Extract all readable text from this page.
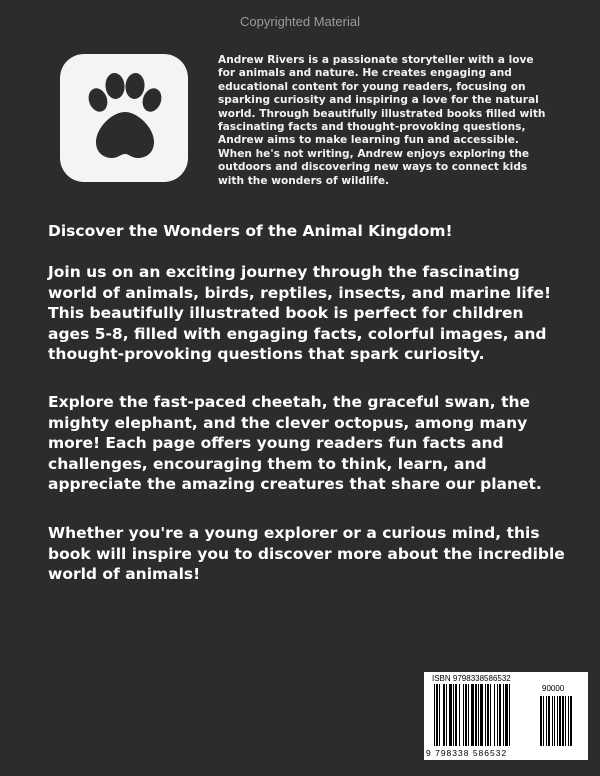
Copyrighted Material

Andrew Rivers is a passionate storyteller with a love for animals and nature. He creates engaging and educational content for young readers, focusing on sparking curiosity and inspiring a love for the natural world. Through beautifully illustrated books filled with fascinating facts and thought-provoking questions, Andrew aims to make learning fun and accessible. When he's not writing, Andrew enjoys exploring the outdoors and discovering new ways to connect kids with the wonders of wildlife.

Discover the Wonders of the Animal Kingdom!

Join us on an exciting journey through the fascinating world of animals, birds, reptiles, insects, and marine life! This beautifully illustrated book is perfect for children ages 5-8, filled with engaging facts, colorful images, and thought-provoking questions that spark curiosity.

Explore the fast-paced cheetah, the graceful swan, the mighty elephant, and the clever octopus, among many more! Each page offers young readers fun facts and challenges, encouraging them to think, learn, and appreciate the amazing creatures that share our planet.

Whether you're a young explorer or a curious mind, this book will inspire you to discover more about the incredible world of animals!

ISBN 9798338586532
90000
9 798338 586532
